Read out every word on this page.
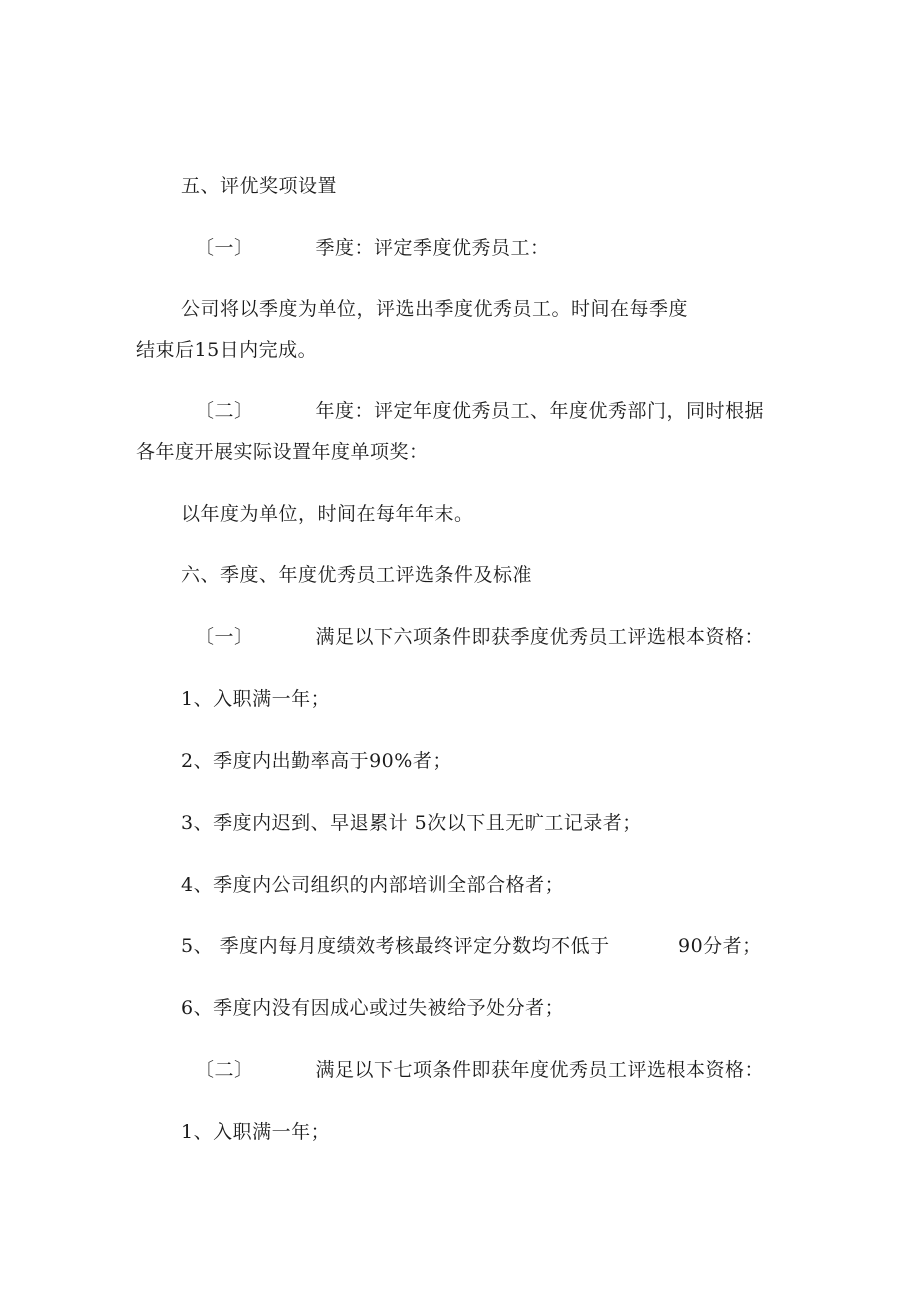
五、评优奖项设置

〔一〕	季度：评定季度优秀员工：

公司将以季度为单位，评选出季度优秀员工。时间在每季度

结束后15日内完成。

〔二〕	年度：评定年度优秀员工、年度优秀部门，同时根据

各年度开展实际设置年度单项奖：

以年度为单位，时间在每年年末。

六、季度、年度优秀员工评选条件及标准

〔一〕	满足以下六项条件即获季度优秀员工评选根本资格：

1、入职满一年；

2、季度内出勤率高于90%者；

3、季度内迟到、早退累计 5次以下且无旷工记录者；

4、季度内公司组织的内部培训全部合格者；

5、 季度内每月度绩效考核最终评定分数均不低于	90分者；

6、季度内没有因成心或过失被给予处分者；

〔二〕	满足以下七项条件即获年度优秀员工评选根本资格：

1、入职满一年；
